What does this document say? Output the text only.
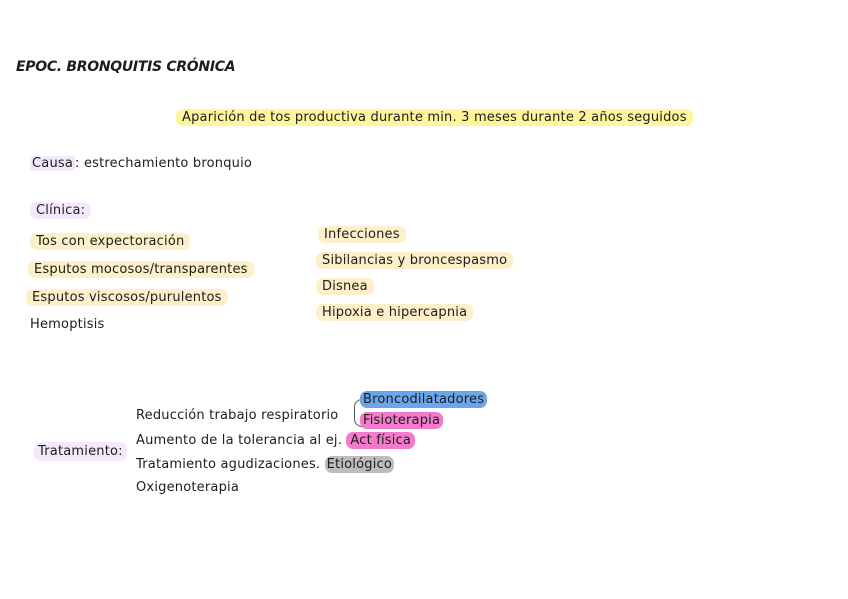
EPOC. BRONQUITIS CRÓNICA
Aparición de tos productiva durante min. 3 meses durante 2 años seguidos
Causa : estrechamiento bronquio
Clínica:
Tos con expectoración
Esputos mocosos/transparentes
Esputos viscosos/purulentos
Hemoptisis
Infecciones
Sibilancias y broncespasmo
Disnea
Hipoxia e hipercapnia
Tratamiento:
Reducción trabajo respiratorio
Broncodilatadores
Fisioterapia
Aumento de la tolerancia al ej. Act física
Tratamiento agudizaciones. Etiológico
Oxigenoterapia
